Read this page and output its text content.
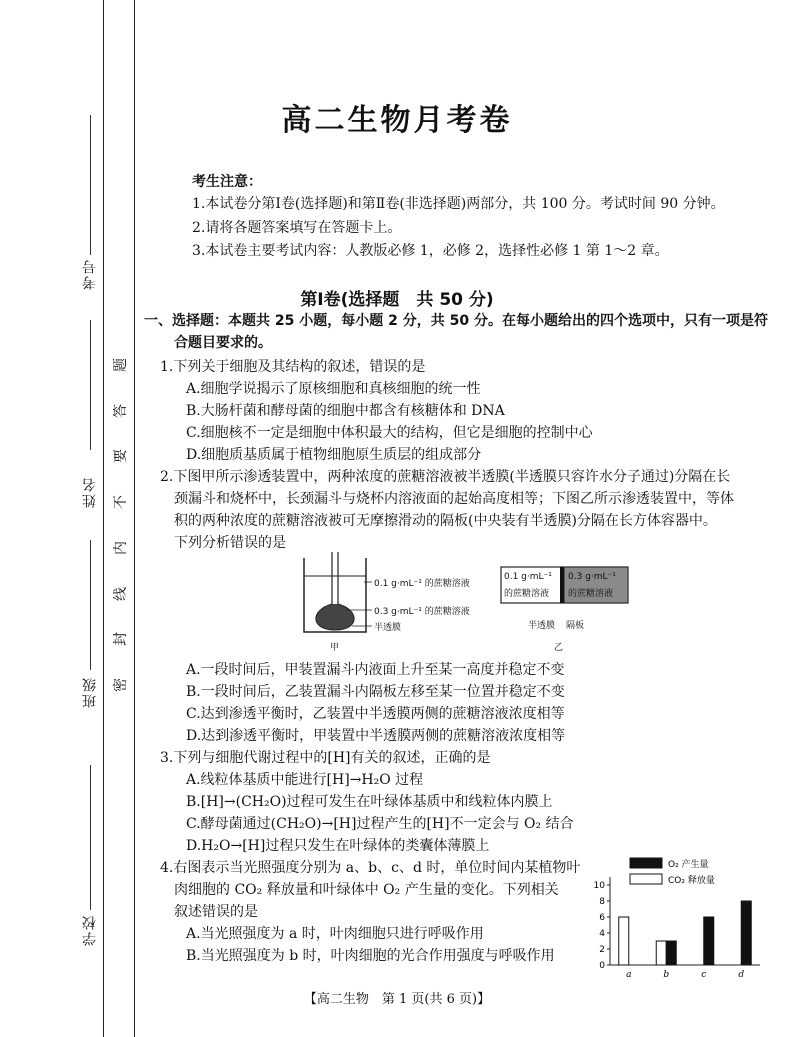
考号
姓名
班级
学校
密
封
线
内
不
要
答
题
高二生物月考卷
考生注意：
1.本试卷分第Ⅰ卷(选择题)和第Ⅱ卷(非选择题)两部分，共 100 分。考试时间 90 分钟。
2.请将各题答案填写在答题卡上。
3.本试卷主要考试内容：人教版必修 1，必修 2，选择性必修 1 第 1～2 章。
第Ⅰ卷(选择题　共 50 分)
一、选择题：本题共 25 小题，每小题 2 分，共 50 分。在每小题给出的四个选项中，只有一项是符
合题目要求的。
1.下列关于细胞及其结构的叙述，错误的是
A.细胞学说揭示了原核细胞和真核细胞的统一性
B.大肠杆菌和酵母菌的细胞中都含有核糖体和 DNA
C.细胞核不一定是细胞中体积最大的结构，但它是细胞的控制中心
D.细胞质基质属于植物细胞原生质层的组成部分
2.下图甲所示渗透装置中，两种浓度的蔗糖溶液被半透膜(半透膜只容许水分子通过)分隔在长
颈漏斗和烧杯中，长颈漏斗与烧杯内溶液面的起始高度相等；下图乙所示渗透装置中，等体
积的两种浓度的蔗糖溶液被可无摩擦滑动的隔板(中央装有半透膜)分隔在长方体容器中。
下列分析错误的是
0.1 g·mL⁻¹ 的蔗糖溶液
0.3 g·mL⁻¹ 的蔗糖溶液
半透膜
甲
0.1 g·mL⁻¹
的蔗糖溶液
0.3 g·mL⁻¹
的蔗糖溶液
半透膜 隔板
乙
A.一段时间后，甲装置漏斗内液面上升至某一高度并稳定不变
B.一段时间后，乙装置漏斗内隔板左移至某一位置并稳定不变
C.达到渗透平衡时，乙装置中半透膜两侧的蔗糖溶液浓度相等
D.达到渗透平衡时，甲装置中半透膜两侧的蔗糖溶液浓度相等
3.下列与细胞代谢过程中的[H]有关的叙述，正确的是
A.线粒体基质中能进行[H]→H₂O 过程
B.[H]→(CH₂O)过程可发生在叶绿体基质中和线粒体内膜上
C.酵母菌通过(CH₂O)→[H]过程产生的[H]不一定会与 O₂ 结合
D.H₂O→[H]过程只发生在叶绿体的类囊体薄膜上
4.右图表示当光照强度分别为 a、b、c、d 时，单位时间内某植物叶
肉细胞的 CO₂ 释放量和叶绿体中 O₂ 产生量的变化。下列相关
叙述错误的是
A.当光照强度为 a 时，叶肉细胞只进行呼吸作用
B.当光照强度为 b 时，叶肉细胞的光合作用强度与呼吸作用
0
2
4
6
8
10
a	b	c	d
O₂ 产生量
CO₂ 释放量
【高二生物　第 1 页(共 6 页)】
